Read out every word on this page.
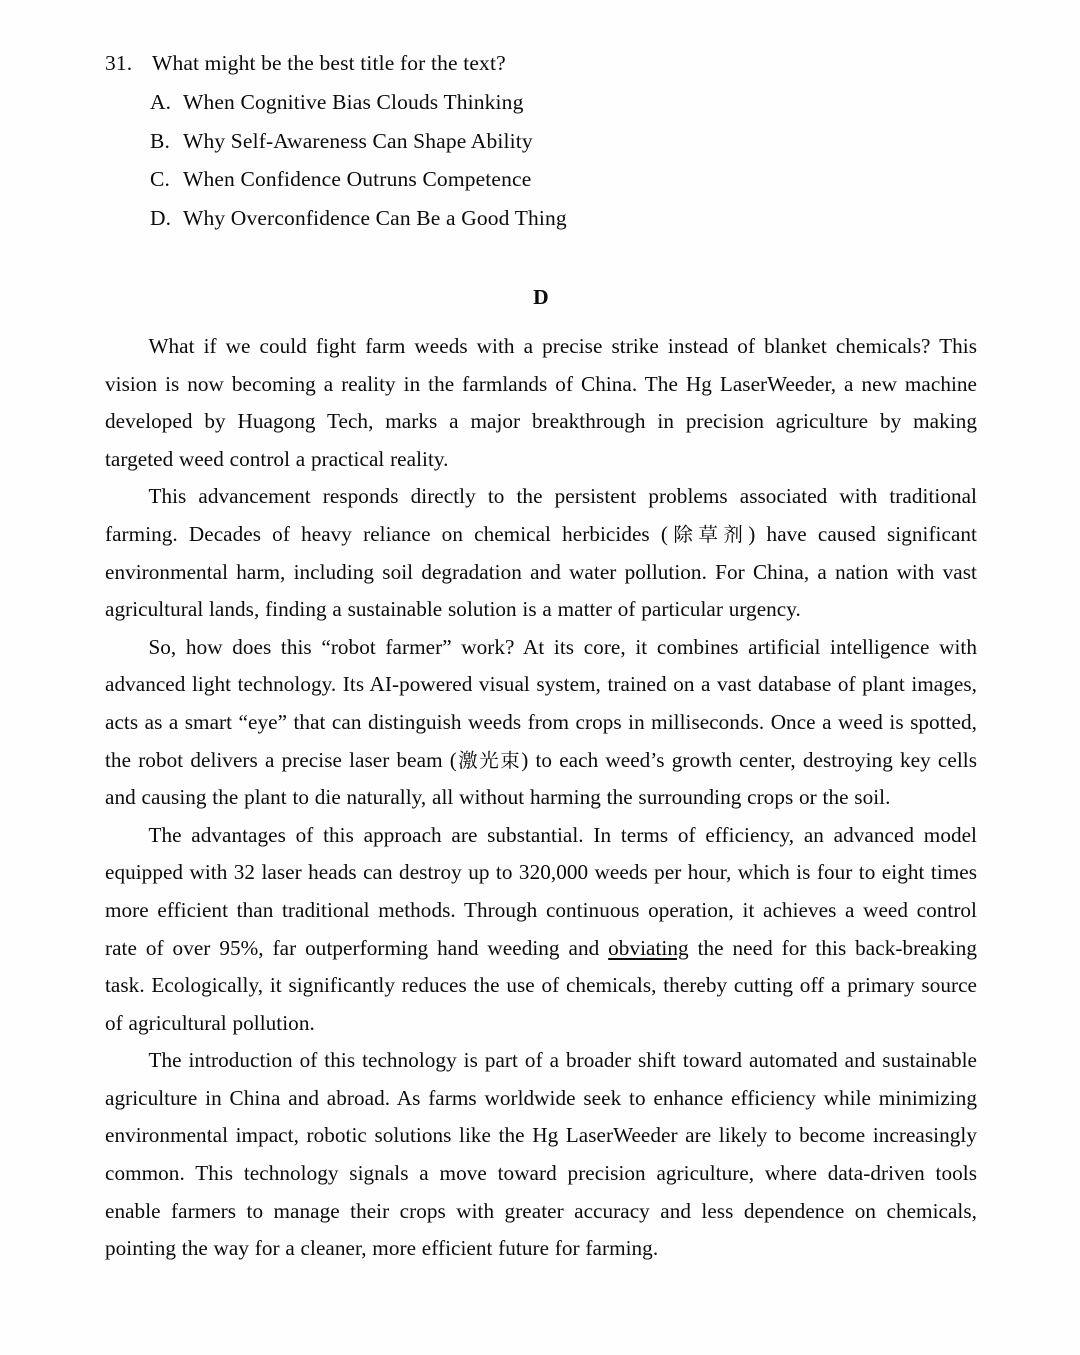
31. What might be the best title for the text?
A. When Cognitive Bias Clouds Thinking
B. Why Self-Awareness Can Shape Ability
C. When Confidence Outruns Competence
D. Why Overconfidence Can Be a Good Thing
D

What if we could fight farm weeds with a precise strike instead of blanket chemicals? This vision is now becoming a reality in the farmlands of China. The Hg LaserWeeder, a new machine developed by Huagong Tech, marks a major breakthrough in precision agriculture by making targeted weed control a practical reality.

This advancement responds directly to the persistent problems associated with traditional farming. Decades of heavy reliance on chemical herbicides (除草剂) have caused significant environmental harm, including soil degradation and water pollution. For China, a nation with vast agricultural lands, finding a sustainable solution is a matter of particular urgency.

So, how does this “robot farmer” work? At its core, it combines artificial intelligence with advanced light technology. Its AI-powered visual system, trained on a vast database of plant images, acts as a smart “eye” that can distinguish weeds from crops in milliseconds. Once a weed is spotted, the robot delivers a precise laser beam (激光束) to each weed’s growth center, destroying key cells and causing the plant to die naturally, all without harming the surrounding crops or the soil.

The advantages of this approach are substantial. In terms of efficiency, an advanced model equipped with 32 laser heads can destroy up to 320,000 weeds per hour, which is four to eight times more efficient than traditional methods. Through continuous operation, it achieves a weed control rate of over 95%, far outperforming hand weeding and obviating the need for this back-breaking task. Ecologically, it significantly reduces the use of chemicals, thereby cutting off a primary source of agricultural pollution.

The introduction of this technology is part of a broader shift toward automated and sustainable agriculture in China and abroad. As farms worldwide seek to enhance efficiency while minimizing environmental impact, robotic solutions like the Hg LaserWeeder are likely to become increasingly common. This technology signals a move toward precision agriculture, where data-driven tools enable farmers to manage their crops with greater accuracy and less dependence on chemicals, pointing the way for a cleaner, more efficient future for farming.
